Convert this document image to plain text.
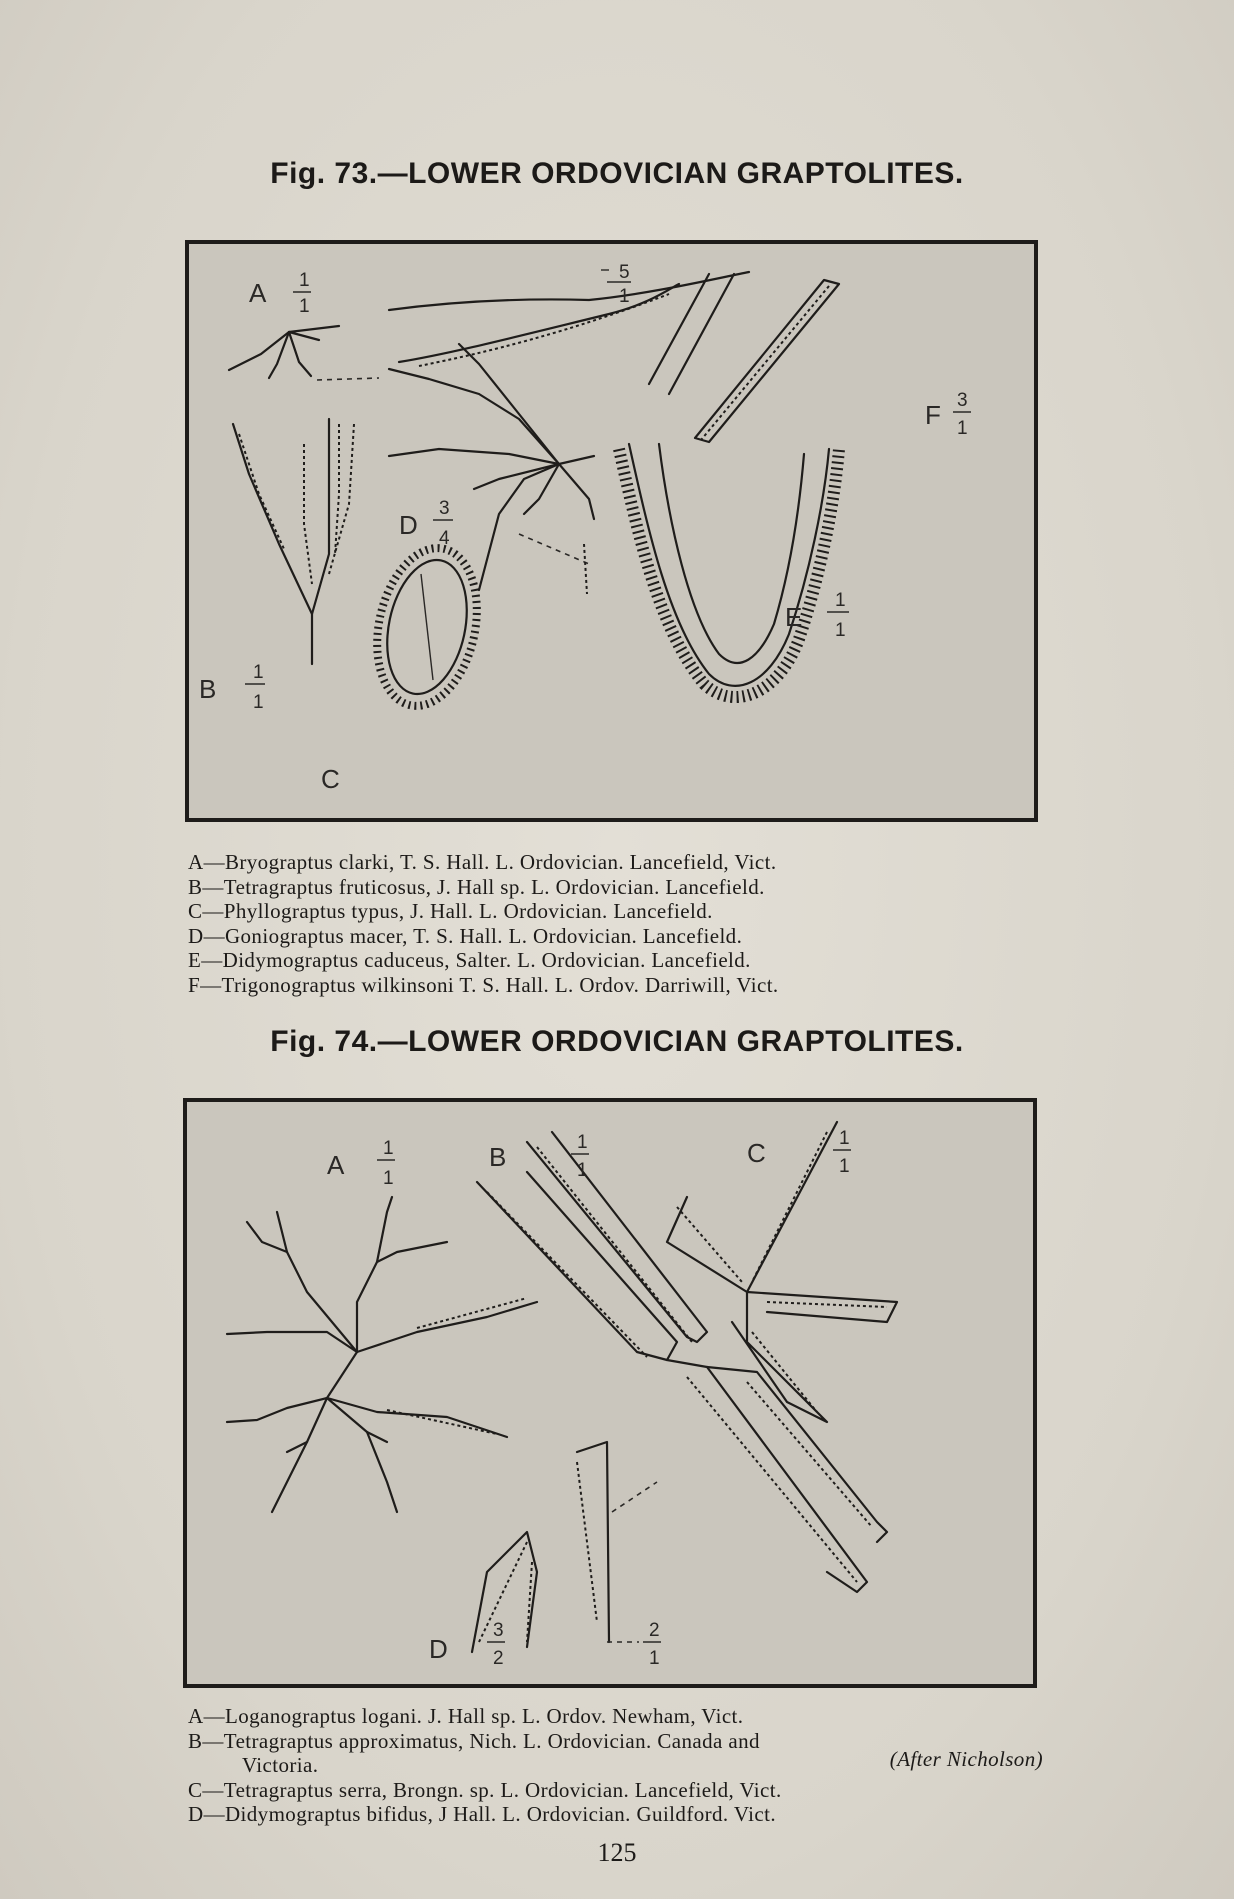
Fig. 73.—LOWER ORDOVICIAN GRAPTOLITES.
A 1
1
5
1
F 3
1
D
3
4
E
1
1
B
1
1
C
A—Bryograptus clarki, T. S. Hall. L. Ordovician. Lancefield, Vict.
B—Tetragraptus fruticosus, J. Hall sp. L. Ordovician. Lancefield.
C—Phyllograptus typus, J. Hall. L. Ordovician. Lancefield.
D—Goniograptus macer, T. S. Hall. L. Ordovician. Lancefield.
E—Didymograptus caduceus, Salter. L. Ordovician. Lancefield.
F—Trigonograptus wilkinsoni T. S. Hall. L. Ordov. Darriwill, Vict.
Fig. 74.—LOWER ORDOVICIAN GRAPTOLITES.
A
1
1
B	1
1
C	1
1
D
3
2
2
1
A—Loganograptus logani. J. Hall sp. L. Ordov. Newham, Vict.
B—Tetragraptus approximatus, Nich. L. Ordovician. Canada and
Victoria.	(After Nicholson)
C—Tetragraptus serra, Brongn. sp. L. Ordovician. Lancefield, Vict.
D—Didymograptus bifidus, J Hall. L. Ordovician. Guildford. Vict.
125
